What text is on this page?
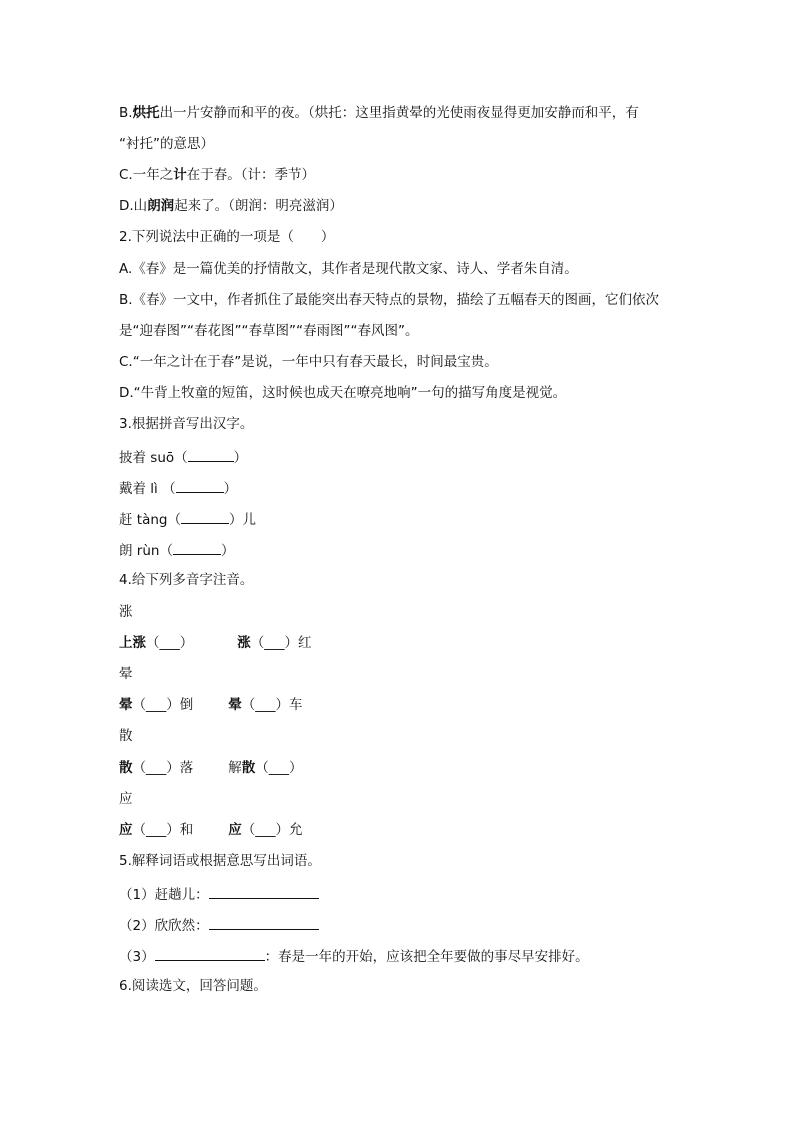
B.烘托出一片安静而和平的夜。（烘托：这里指黄晕的光使雨夜显得更加安静而和平，有
“衬托”的意思）
C.一年之计在于春。（计：季节）
D.山朗润起来了。（朗润：明亮滋润）
2.下列说法中正确的一项是（　　）
A.《春》是一篇优美的抒情散文，其作者是现代散文家、诗人、学者朱自清。
B.《春》一文中，作者抓住了最能突出春天特点的景物，描绘了五幅春天的图画，它们依次
是“迎春图”“春花图”“春草图”“春雨图”“春风图”。
C.“一年之计在于春”是说，一年中只有春天最长，时间最宝贵。
D.“牛背上牧童的短笛，这时候也成天在嘹亮地响”一句的描写角度是视觉。
3.根据拼音写出汉字。
披着 suō（	）
戴着 lì （	）
赶 tàng（	）儿
朗 rùn（	）
4.给下列多音字注音。
涨
上涨（___）	涨（___）红
晕
晕（___）倒	晕（___）车
散
散（___）落	解散（___）
应
应（___）和	应（___）允
5.解释词语或根据意思写出词语。
（1）赶趟儿：
（2）欣欣然：
（3）	：春是一年的开始，应该把全年要做的事尽早安排好。
6.阅读选文，回答问题。
